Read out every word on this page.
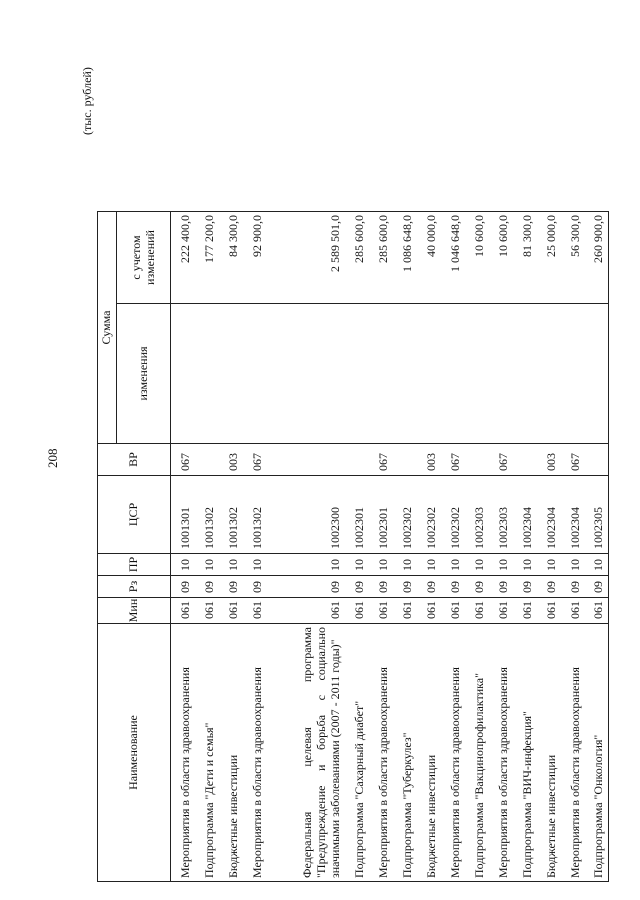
208
(тыс. рублей)
Наименование	Мин	Рз	ПР	ЦСР	ВР	Сумма	
						изменения	с учетом изменений
Мероприятия в области здравоохранения	061	09	10	1001301	067		222 400,0
Подпрограмма "Дети и семья"	061	09	10	1001302			177 200,0
Бюджетные инвестиции	061	09	10	1001302	003		84 300,0
Мероприятия в области здравоохранения	061	09	10	1001302	067		92 900,0
Федеральная целевая программа "Предупреждение и борьба с социально значимыми заболеваниями (2007 - 2011 годы)"	061	09	10	1002300			2 589 501,0
Подпрограмма "Сахарный диабет"	061	09	10	1002301			285 600,0
Мероприятия в области здравоохранения	061	09	10	1002301	067		285 600,0
Подпрограмма "Туберкулез"	061	09	10	1002302			1 086 648,0
Бюджетные инвестиции	061	09	10	1002302	003		40 000,0
Мероприятия в области здравоохранения	061	09	10	1002302	067		1 046 648,0
Подпрограмма "Вакцинопрофилактика"	061	09	10	1002303			10 600,0
Мероприятия в области здравоохранения	061	09	10	1002303	067		10 600,0
Подпрограмма "ВИЧ-инфекция"	061	09	10	1002304			81 300,0
Бюджетные инвестиции	061	09	10	1002304	003		25 000,0
Мероприятия в области здравоохранения	061	09	10	1002304	067		56 300,0
Подпрограмма "Онкология"	061	09	10	1002305			260 900,0
